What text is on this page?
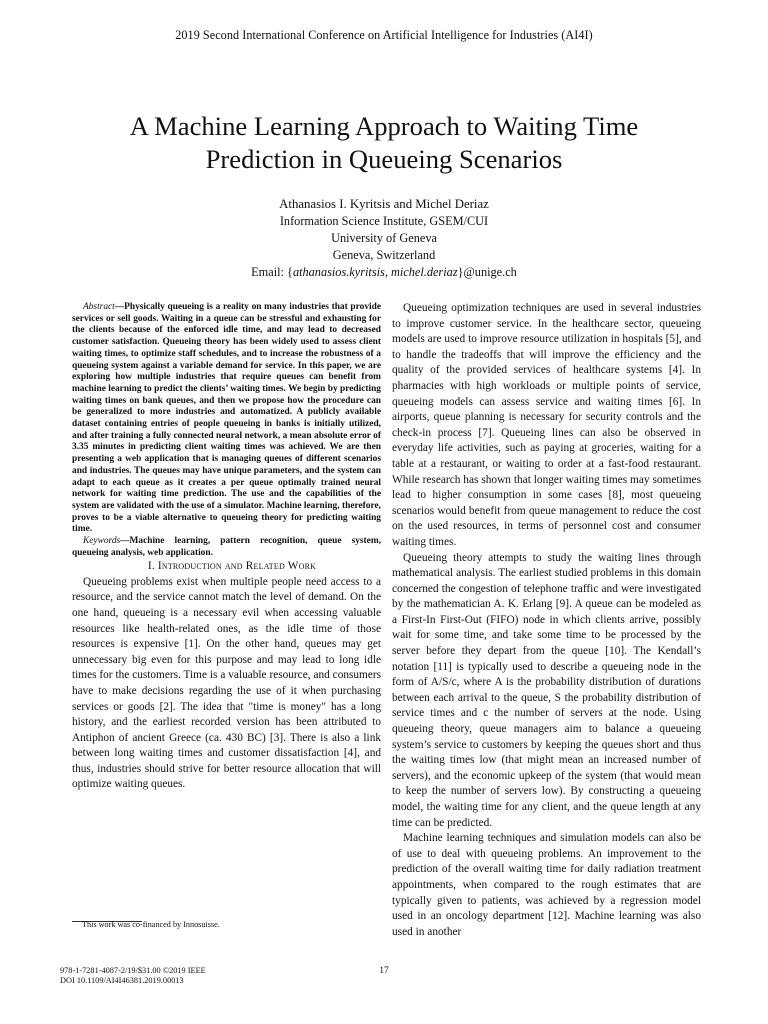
2019 Second International Conference on Artificial Intelligence for Industries (AI4I)
A Machine Learning Approach to Waiting Time
Prediction in Queueing Scenarios
Athanasios I. Kyritsis and Michel Deriaz
Information Science Institute, GSEM/CUI
University of Geneva
Geneva, Switzerland
Email: {athanasios.kyritsis, michel.deriaz}@unige.ch

Abstract—Physically queueing is a reality on many industries that provide services or sell goods. Waiting in a queue can be stressful and exhausting for the clients because of the enforced idle time, and may lead to decreased customer satisfaction. Queueing theory has been widely used to assess client waiting times, to optimize staff schedules, and to increase the robustness of a queueing system against a variable demand for service. In this paper, we are exploring how multiple industries that require queues can benefit from machine learning to predict the clients’ waiting times. We begin by predicting waiting times on bank queues, and then we propose how the procedure can be generalized to more industries and automatized. A publicly available dataset containing entries of people queueing in banks is initially utilized, and after training a fully connected neural network, a mean absolute error of 3.35 minutes in predicting client waiting times was achieved. We are then presenting a web application that is managing queues of different scenarios and industries. The queues may have unique parameters, and the system can adapt to each queue as it creates a per queue optimally trained neural network for waiting time prediction. The use and the capabilities of the system are validated with the use of a simulator. Machine learning, therefore, proves to be a viable alternative to queueing theory for predicting waiting time.

Keywords—Machine learning, pattern recognition, queue system, queueing analysis, web application.

I. Introduction and Related Work

Queueing problems exist when multiple people need access to a resource, and the service cannot match the level of demand. On the one hand, queueing is a necessary evil when accessing valuable resources like health-related ones, as the idle time of those resources is expensive [1]. On the other hand, queues may get unnecessary big even for this purpose and may lead to long idle times for the customers. Time is a valuable resource, and consumers have to make decisions regarding the use of it when purchasing services or goods [2]. The idea that "time is money" has a long history, and the earliest recorded version has been attributed to Antiphon of ancient Greece (ca. 430 BC) [3]. There is also a link between long waiting times and customer dissatisfaction [4], and thus, industries should strive for better resource allocation that will optimize waiting queues.

Queueing optimization techniques are used in several industries to improve customer service. In the healthcare sector, queueing models are used to improve resource utilization in hospitals [5], and to handle the tradeoffs that will improve the efficiency and the quality of the provided services of healthcare systems [4]. In pharmacies with high workloads or multiple points of service, queueing models can assess service and waiting times [6]. In airports, queue planning is necessary for security controls and the check-in process [7]. Queueing lines can also be observed in everyday life activities, such as paying at groceries, waiting for a table at a restaurant, or waiting to order at a fast-food restaurant. While research has shown that longer waiting times may sometimes lead to higher consumption in some cases [8], most queueing scenarios would benefit from queue management to reduce the cost on the used resources, in terms of personnel cost and consumer waiting times.

Queueing theory attempts to study the waiting lines through mathematical analysis. The earliest studied problems in this domain concerned the congestion of telephone traffic and were investigated by the mathematician A. K. Erlang [9]. A queue can be modeled as a First-In First-Out (FIFO) node in which clients arrive, possibly wait for some time, and take some time to be processed by the server before they depart from the queue [10]. The Kendall’s notation [11] is typically used to describe a queueing node in the form of A/S/c, where A is the probability distribution of durations between each arrival to the queue, S the probability distribution of service times and c the number of servers at the node. Using queueing theory, queue managers aim to balance a queueing system’s service to customers by keeping the queues short and thus the waiting times low (that might mean an increased number of servers), and the economic upkeep of the system (that would mean to keep the number of servers low). By constructing a queueing model, the waiting time for any client, and the queue length at any time can be predicted.

Machine learning techniques and simulation models can also be of use to deal with queueing problems. An improvement to the prediction of the overall waiting time for daily radiation treatment appointments, when compared to the rough estimates that are typically given to patients, was achieved by a regression model used in an oncology department [12]. Machine learning was also used in another

This work was co-financed by Innosuisse.
978-1-7281-4087-2/19/$31.00 ©2019 IEEE
DOI 10.1109/AI4I46381.2019.00013
17
